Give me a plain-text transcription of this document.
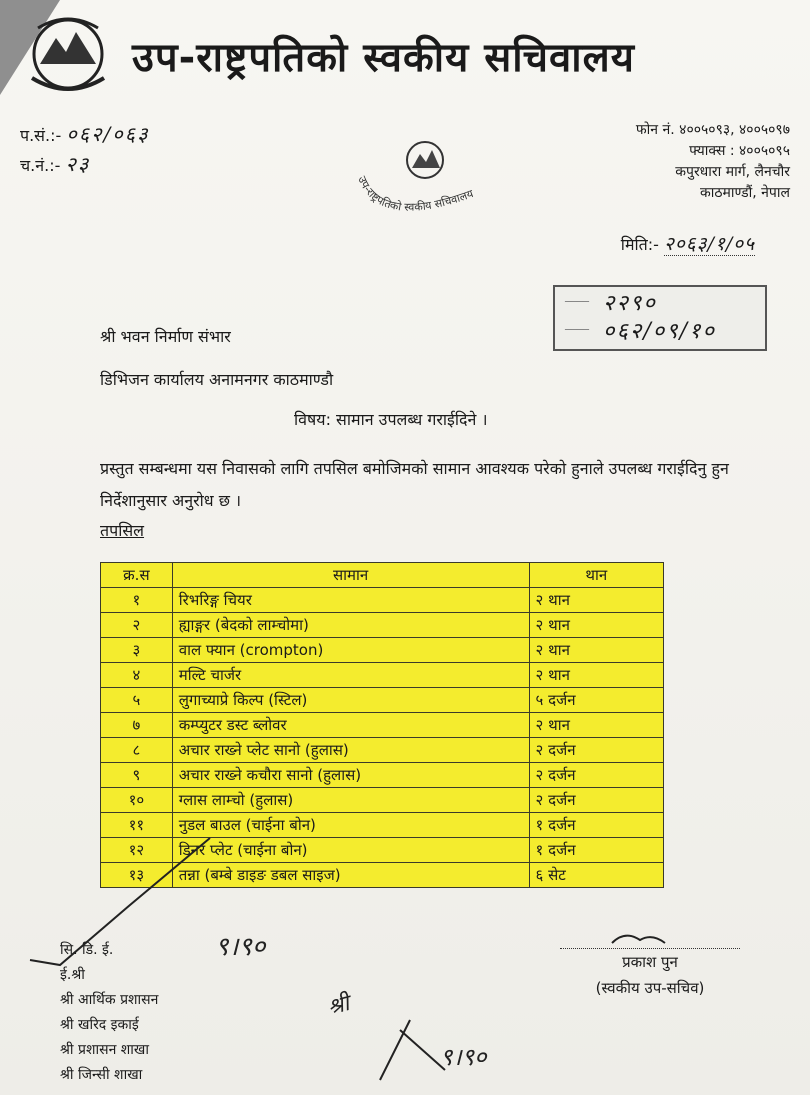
उप-राष्ट्रपतिको स्वकीय सचिवालय
प.सं.:- ०६२/०६३
च.नं.:- २३
फोन नं. ४००५०९३, ४००५०९७
फ्याक्स : ४००५०९५
कपुरधारा मार्ग, लैनचौर
काठमाण्डौं, नेपाल
उप-राष्ट्रपतिको स्वकीय सचिवालय
मिति:- २०६३/१/०५
──── २२९०
──── ०६२/०९/१०
श्री भवन निर्माण संभार
डिभिजन कार्यालय अनामनगर काठमाण्डौ
विषय: सामान उपलब्ध गराईदिने ।
प्रस्तुत सम्बन्धमा यस निवासको लागि तपसिल बमोजिमको सामान आवश्यक परेको हुनाले उपलब्ध गराईदिनु हुन निर्देशानुसार अनुरोध छ ।
तपसिल
क्र.स	सामान	थान
१	रिभरिङ्ग चियर	२ थान
२	ह्याङ्गर (बेदको लाम्चोमा)	२ थान
३	वाल फ्यान (crompton)	२ थान
४	मल्टि चार्जर	२ थान
५	लुगाच्याप्रे किल्प (स्टिल)	५ दर्जन
७	कम्प्युटर डस्ट ब्लोवर	२ थान
८	अचार राख्ने प्लेट सानो (हुलास)	२ दर्जन
९	अचार राख्ने कचौरा सानो (हुलास)	२ दर्जन
१०	ग्लास लाम्चो (हुलास)	२ दर्जन
११	नुडल बाउल (चाईना बोन)	१ दर्जन
१२	डिनर प्लेट (चाईना बोन)	१ दर्जन
१३	तन्ना (बम्बे डाइङ डबल साइज)	६ सेट
सि. डि. ई.
ई.श्री
श्री आर्थिक प्रशासन
श्री खरिद इकाई
श्री प्रशासन शाखा
श्री जिन्सी शाखा
प्रकाश पुन
(स्वकीय उप-सचिव)
९।९०
श्री
९।९०
